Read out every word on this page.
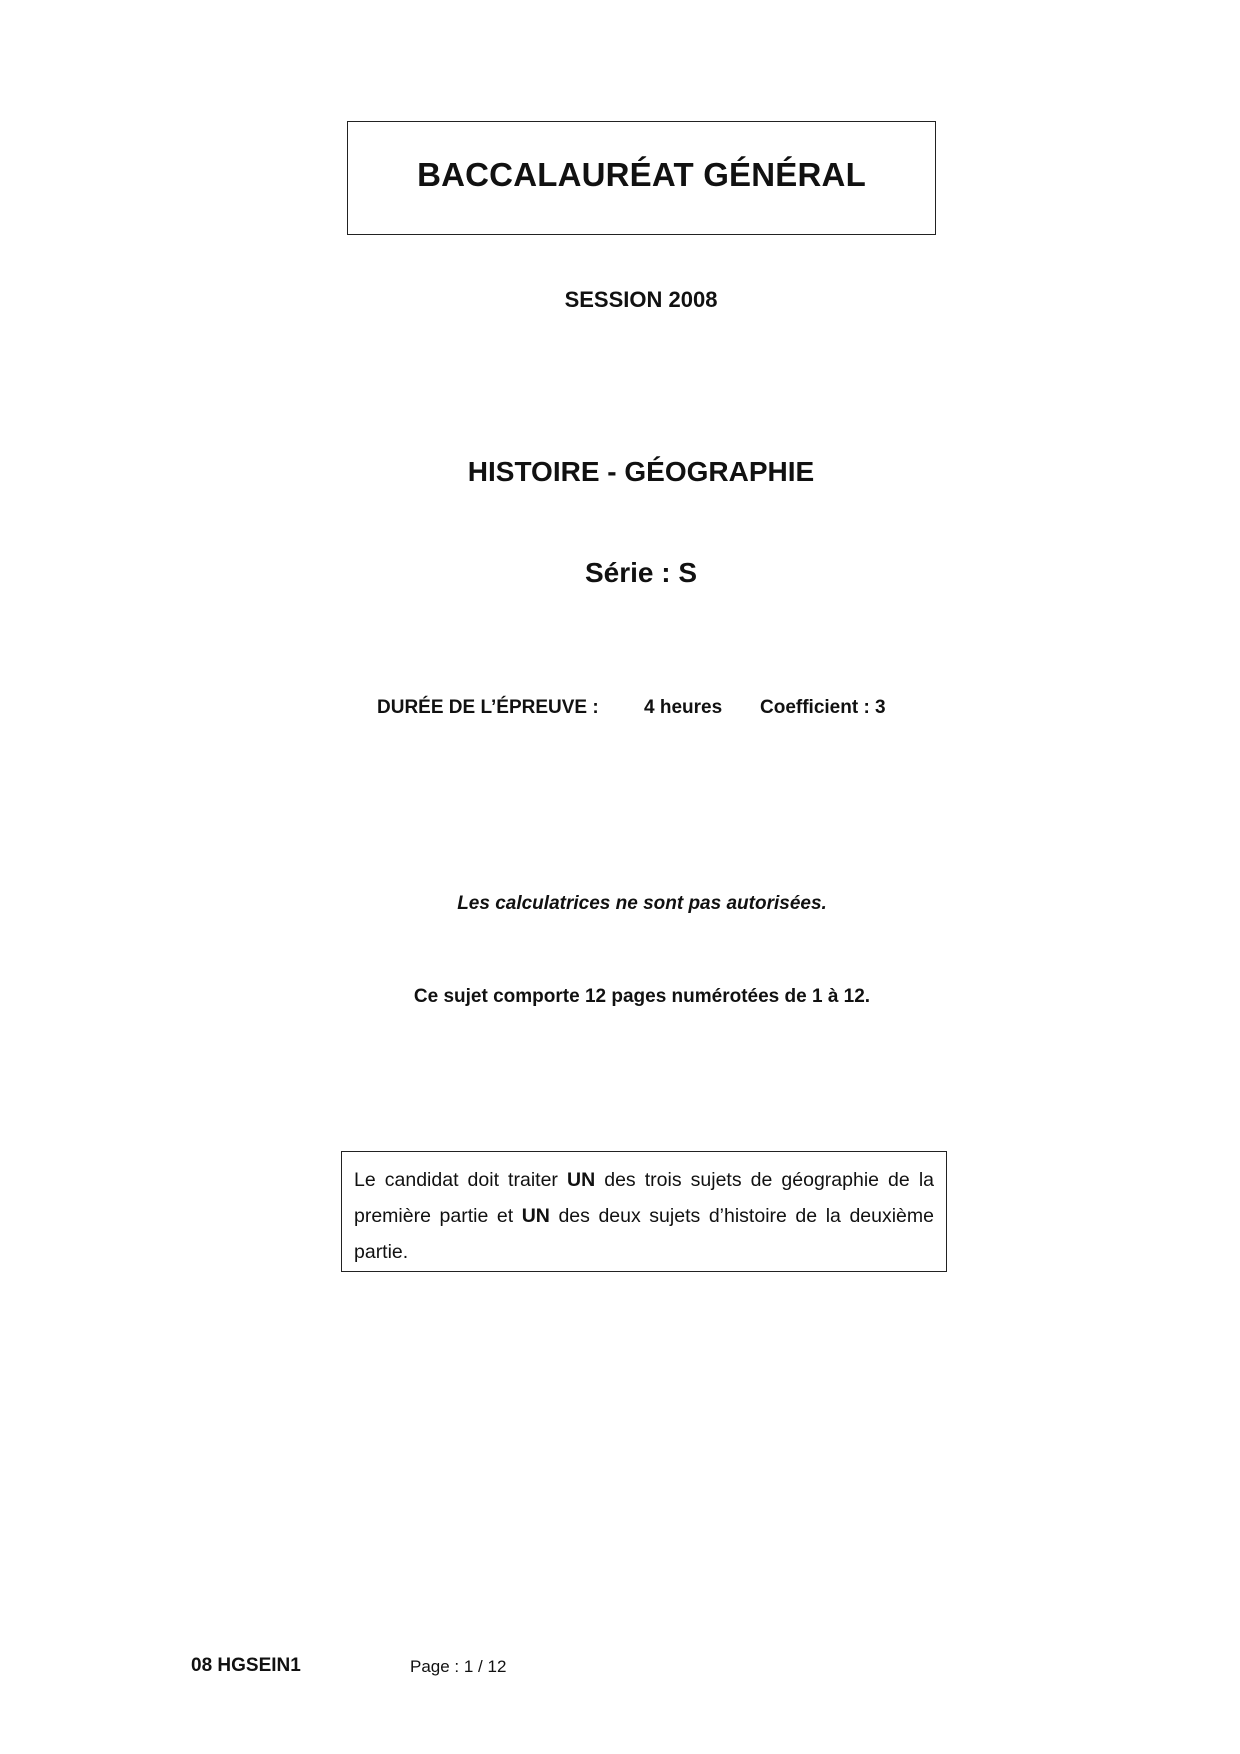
BACCALAURÉAT GÉNÉRAL
SESSION 2008
HISTOIRE - GÉOGRAPHIE
Série : S
DURÉE DE L’ÉPREUVE : 4 heures Coefficient : 3
Les calculatrices ne sont pas autorisées.
Ce sujet comporte 12 pages numérotées de 1 à 12.
Le candidat doit traiter UN des trois sujets de géographie de la première partie et UN des deux sujets d’histoire de la deuxième partie.
08 HGSEIN1	Page : 1 / 12
